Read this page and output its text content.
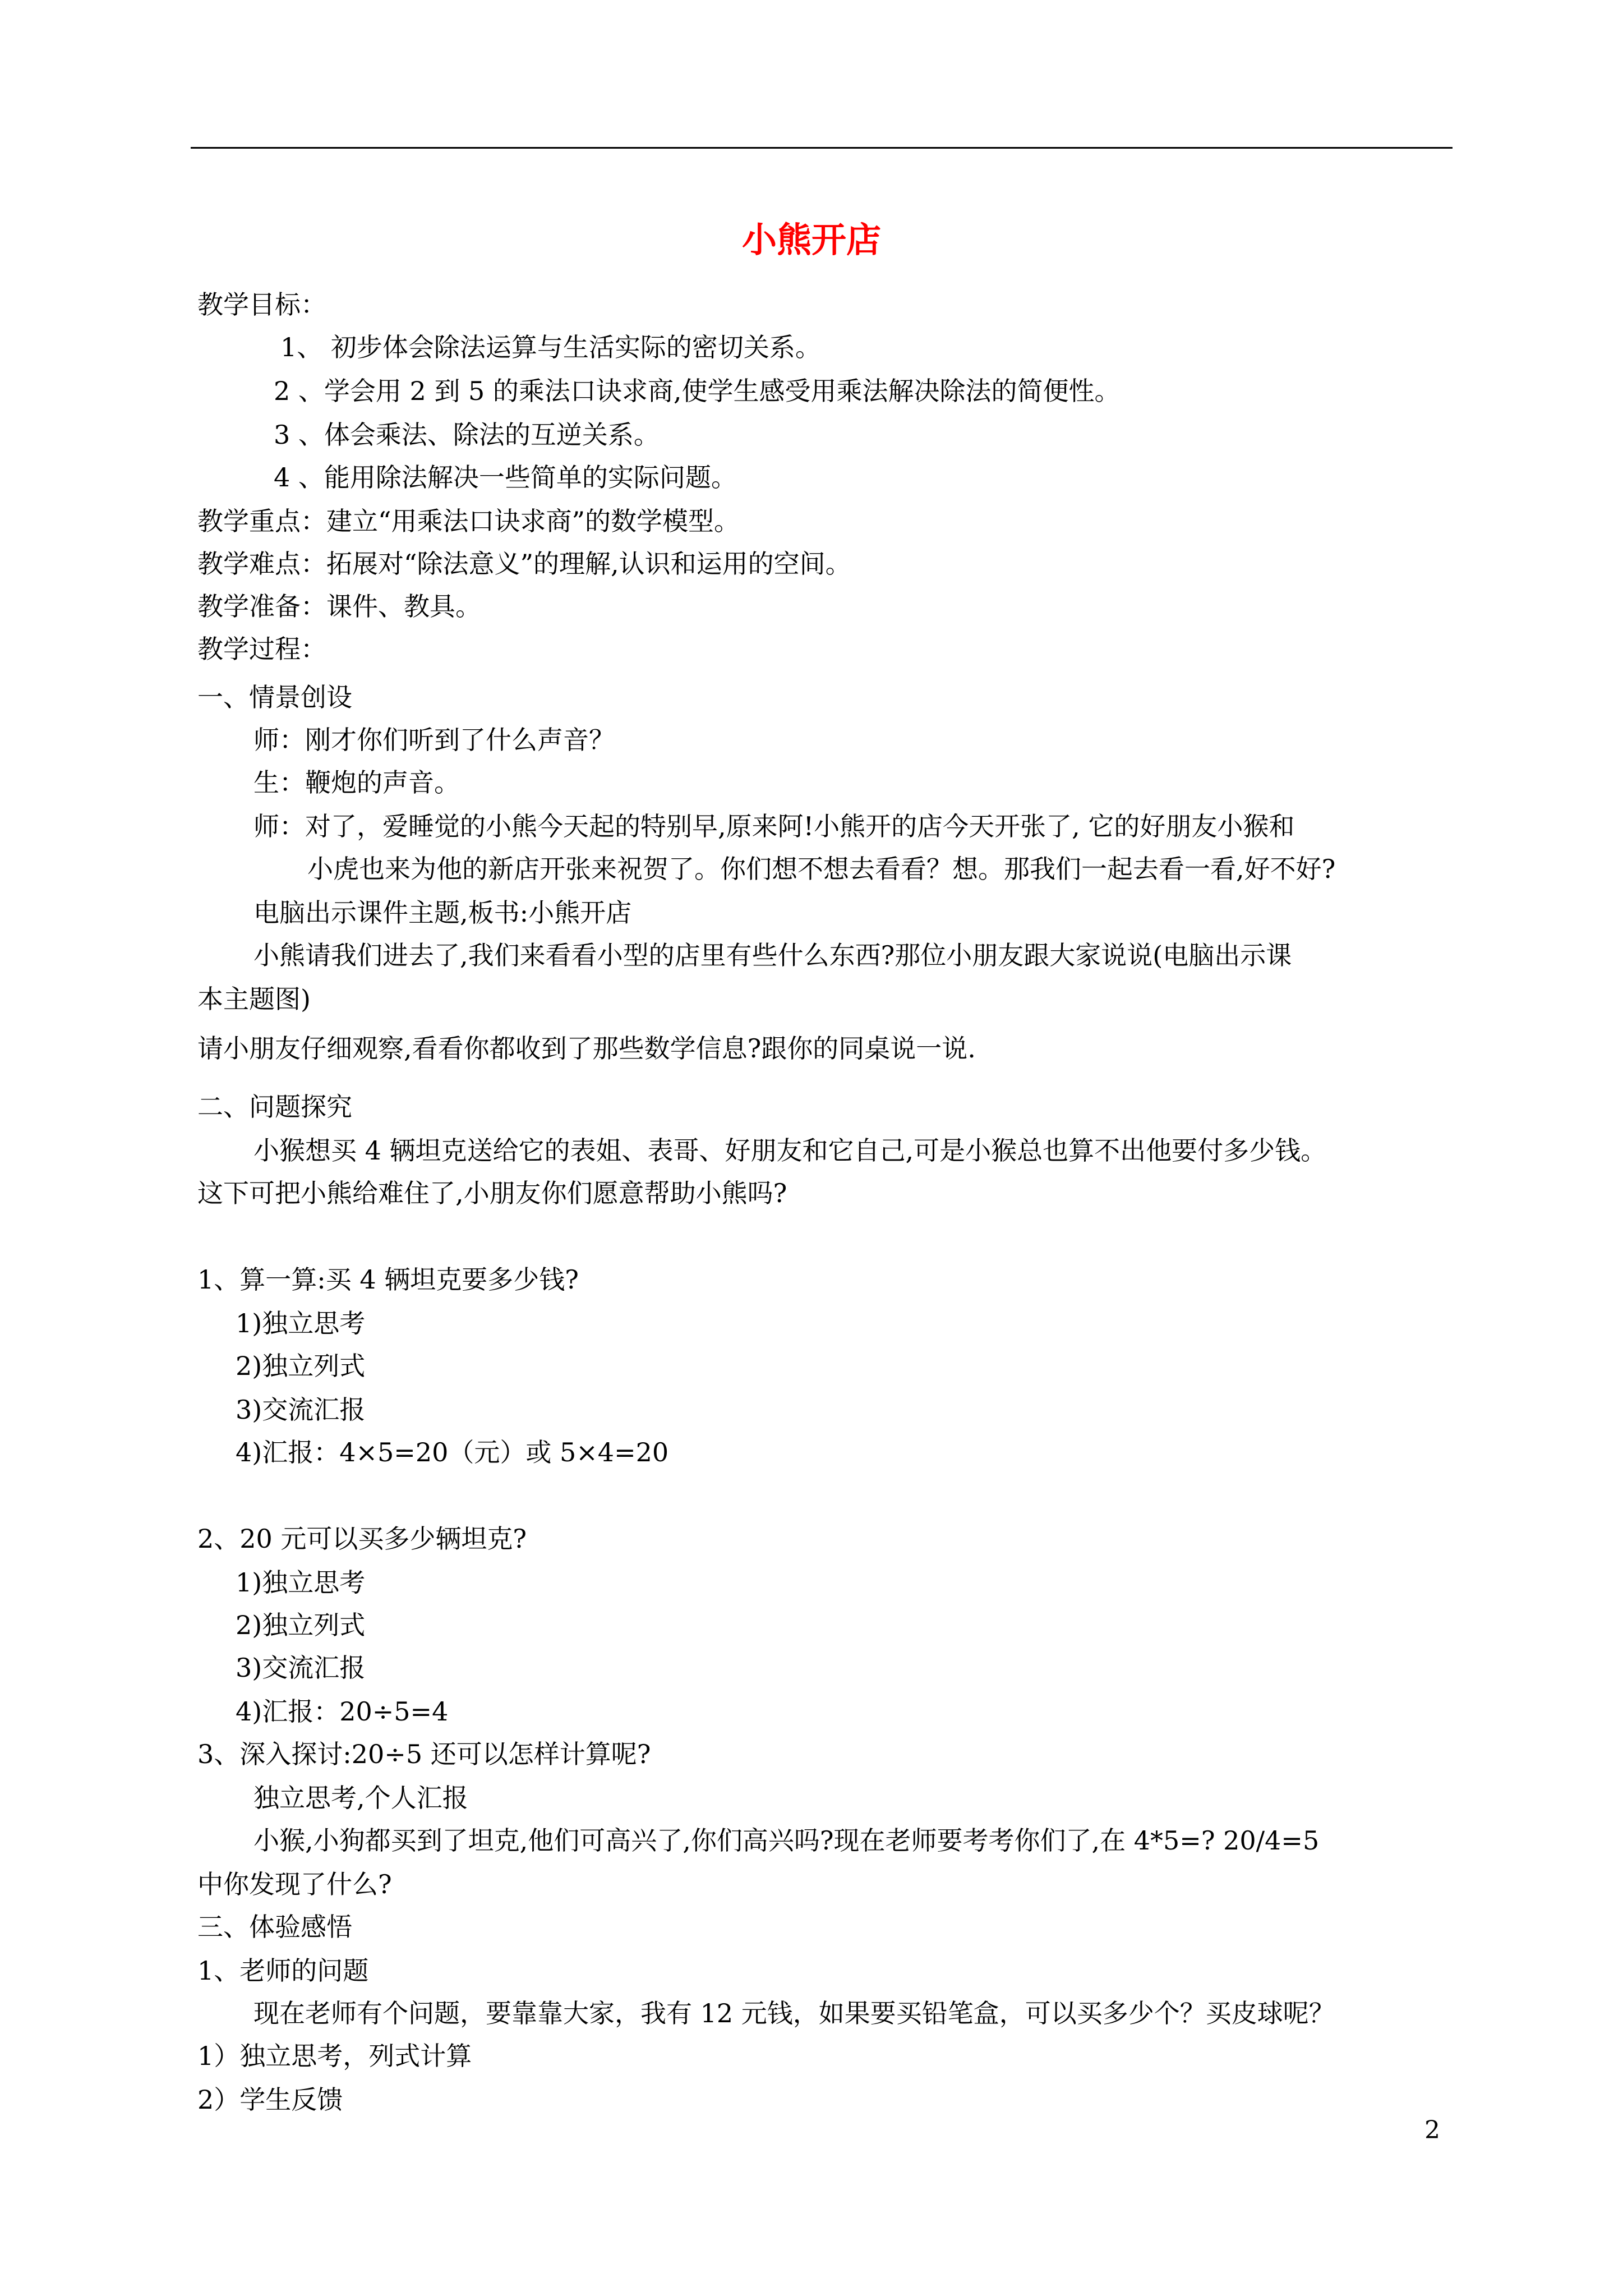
小熊开店
教学目标：
1、 初步体会除法运算与生活实际的密切关系。
2 、学会用 2 到 5 的乘法口诀求商,使学生感受用乘法解决除法的简便性。
3 、体会乘法、除法的互逆关系。
4 、能用除法解决一些简单的实际问题。
教学重点：建立“用乘法口诀求商”的数学模型。
教学难点：拓展对“除法意义”的理解,认识和运用的空间。
教学准备：课件、教具。
教学过程：
一、情景创设
师：刚才你们听到了什么声音？
生：鞭炮的声音。
师：对了，爱睡觉的小熊今天起的特别早,原来阿!小熊开的店今天开张了, 它的好朋友小猴和
小虎也来为他的新店开张来祝贺了。你们想不想去看看？想。那我们一起去看一看,好不好?
电脑出示课件主题,板书:小熊开店
小熊请我们进去了,我们来看看小型的店里有些什么东西?那位小朋友跟大家说说(电脑出示课
本主题图)
请小朋友仔细观察,看看你都收到了那些数学信息?跟你的同桌说一说.
二、问题探究
小猴想买 4 辆坦克送给它的表姐、表哥、好朋友和它自己,可是小猴总也算不出他要付多少钱。
这下可把小熊给难住了,小朋友你们愿意帮助小熊吗?
1、算一算:买 4 辆坦克要多少钱?
1)独立思考
2)独立列式
3)交流汇报
4)汇报：4×5=20（元）或 5×4=20
2、20 元可以买多少辆坦克?
1)独立思考
2)独立列式
3)交流汇报
4)汇报：20÷5=4
3、深入探讨:20÷5 还可以怎样计算呢?
独立思考,个人汇报
小猴,小狗都买到了坦克,他们可高兴了,你们高兴吗?现在老师要考考你们了,在 4*5=? 20/4=5
中你发现了什么?
三、体验感悟
1、老师的问题
现在老师有个问题，要靠靠大家，我有 12 元钱，如果要买铅笔盒，可以买多少个？买皮球呢？
1）独立思考，列式计算
2）学生反馈
2
